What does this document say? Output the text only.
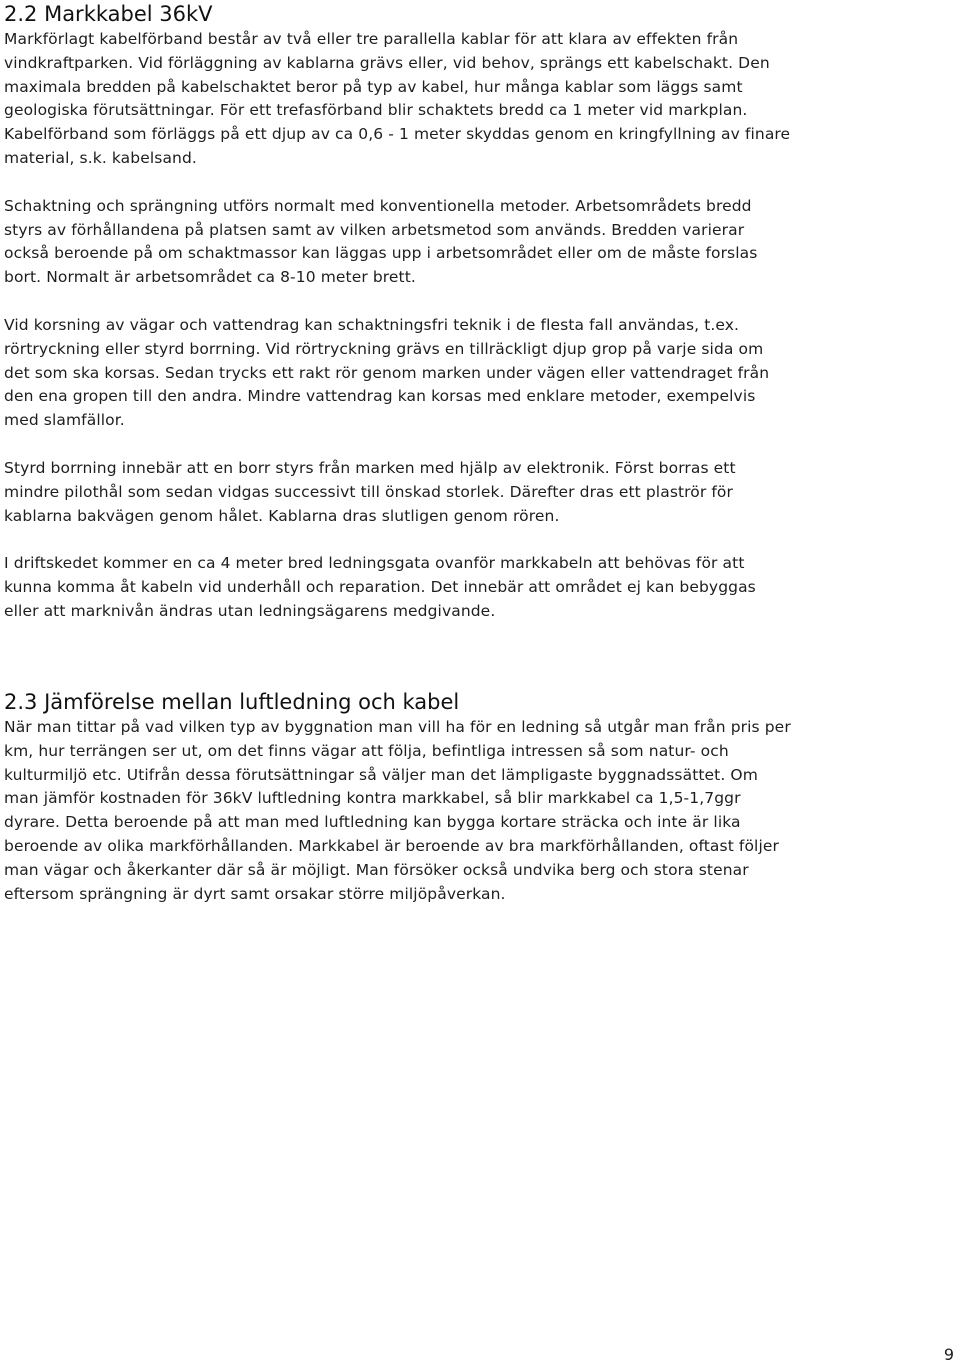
2.2 Markkabel 36kV

Markförlagt kabelförband består av två eller tre parallella kablar för att klara av effekten från vindkraftparken. Vid förläggning av kablarna grävs eller, vid behov, sprängs ett kabelschakt. Den maximala bredden på kabelschaktet beror på typ av kabel, hur många kablar som läggs samt geologiska förutsättningar. För ett trefasförband blir schaktets bredd ca 1 meter vid markplan. Kabelförband som förläggs på ett djup av ca 0,6 - 1 meter skyddas genom en kringfyllning av finare material, s.k. kabelsand.

Schaktning och sprängning utförs normalt med konventionella metoder. Arbetsområdets bredd styrs av förhållandena på platsen samt av vilken arbetsmetod som används. Bredden varierar också beroende på om schaktmassor kan läggas upp i arbetsområdet eller om de måste forslas bort. Normalt är arbetsområdet ca 8-10 meter brett.

Vid korsning av vägar och vattendrag kan schaktningsfri teknik i de flesta fall användas, t.ex. rörtryckning eller styrd borrning. Vid rörtryckning grävs en tillräckligt djup grop på varje sida om det som ska korsas. Sedan trycks ett rakt rör genom marken under vägen eller vattendraget från den ena gropen till den andra. Mindre vattendrag kan korsas med enklare metoder, exempelvis med slamfällor.

Styrd borrning innebär att en borr styrs från marken med hjälp av elektronik. Först borras ett mindre pilothål som sedan vidgas successivt till önskad storlek. Därefter dras ett plaströr för kablarna bakvägen genom hålet. Kablarna dras slutligen genom rören.

I driftskedet kommer en ca 4 meter bred ledningsgata ovanför markkabeln att behövas för att kunna komma åt kabeln vid underhåll och reparation. Det innebär att området ej kan bebyggas eller att marknivån ändras utan ledningsägarens medgivande.

2.3 Jämförelse mellan luftledning och kabel

När man tittar på vad vilken typ av byggnation man vill ha för en ledning så utgår man från pris per km, hur terrängen ser ut, om det finns vägar att följa, befintliga intressen så som natur- och kulturmiljö etc. Utifrån dessa förutsättningar så väljer man det lämpligaste byggnadssättet. Om man jämför kostnaden för 36kV luftledning kontra markkabel, så blir markkabel ca 1,5-1,7ggr dyrare. Detta beroende på att man med luftledning kan bygga kortare sträcka och inte är lika beroende av olika markförhållanden. Markkabel är beroende av bra markförhållanden, oftast följer man vägar och åkerkanter där så är möjligt. Man försöker också undvika berg och stora stenar eftersom sprängning är dyrt samt orsakar större miljöpåverkan.

9
